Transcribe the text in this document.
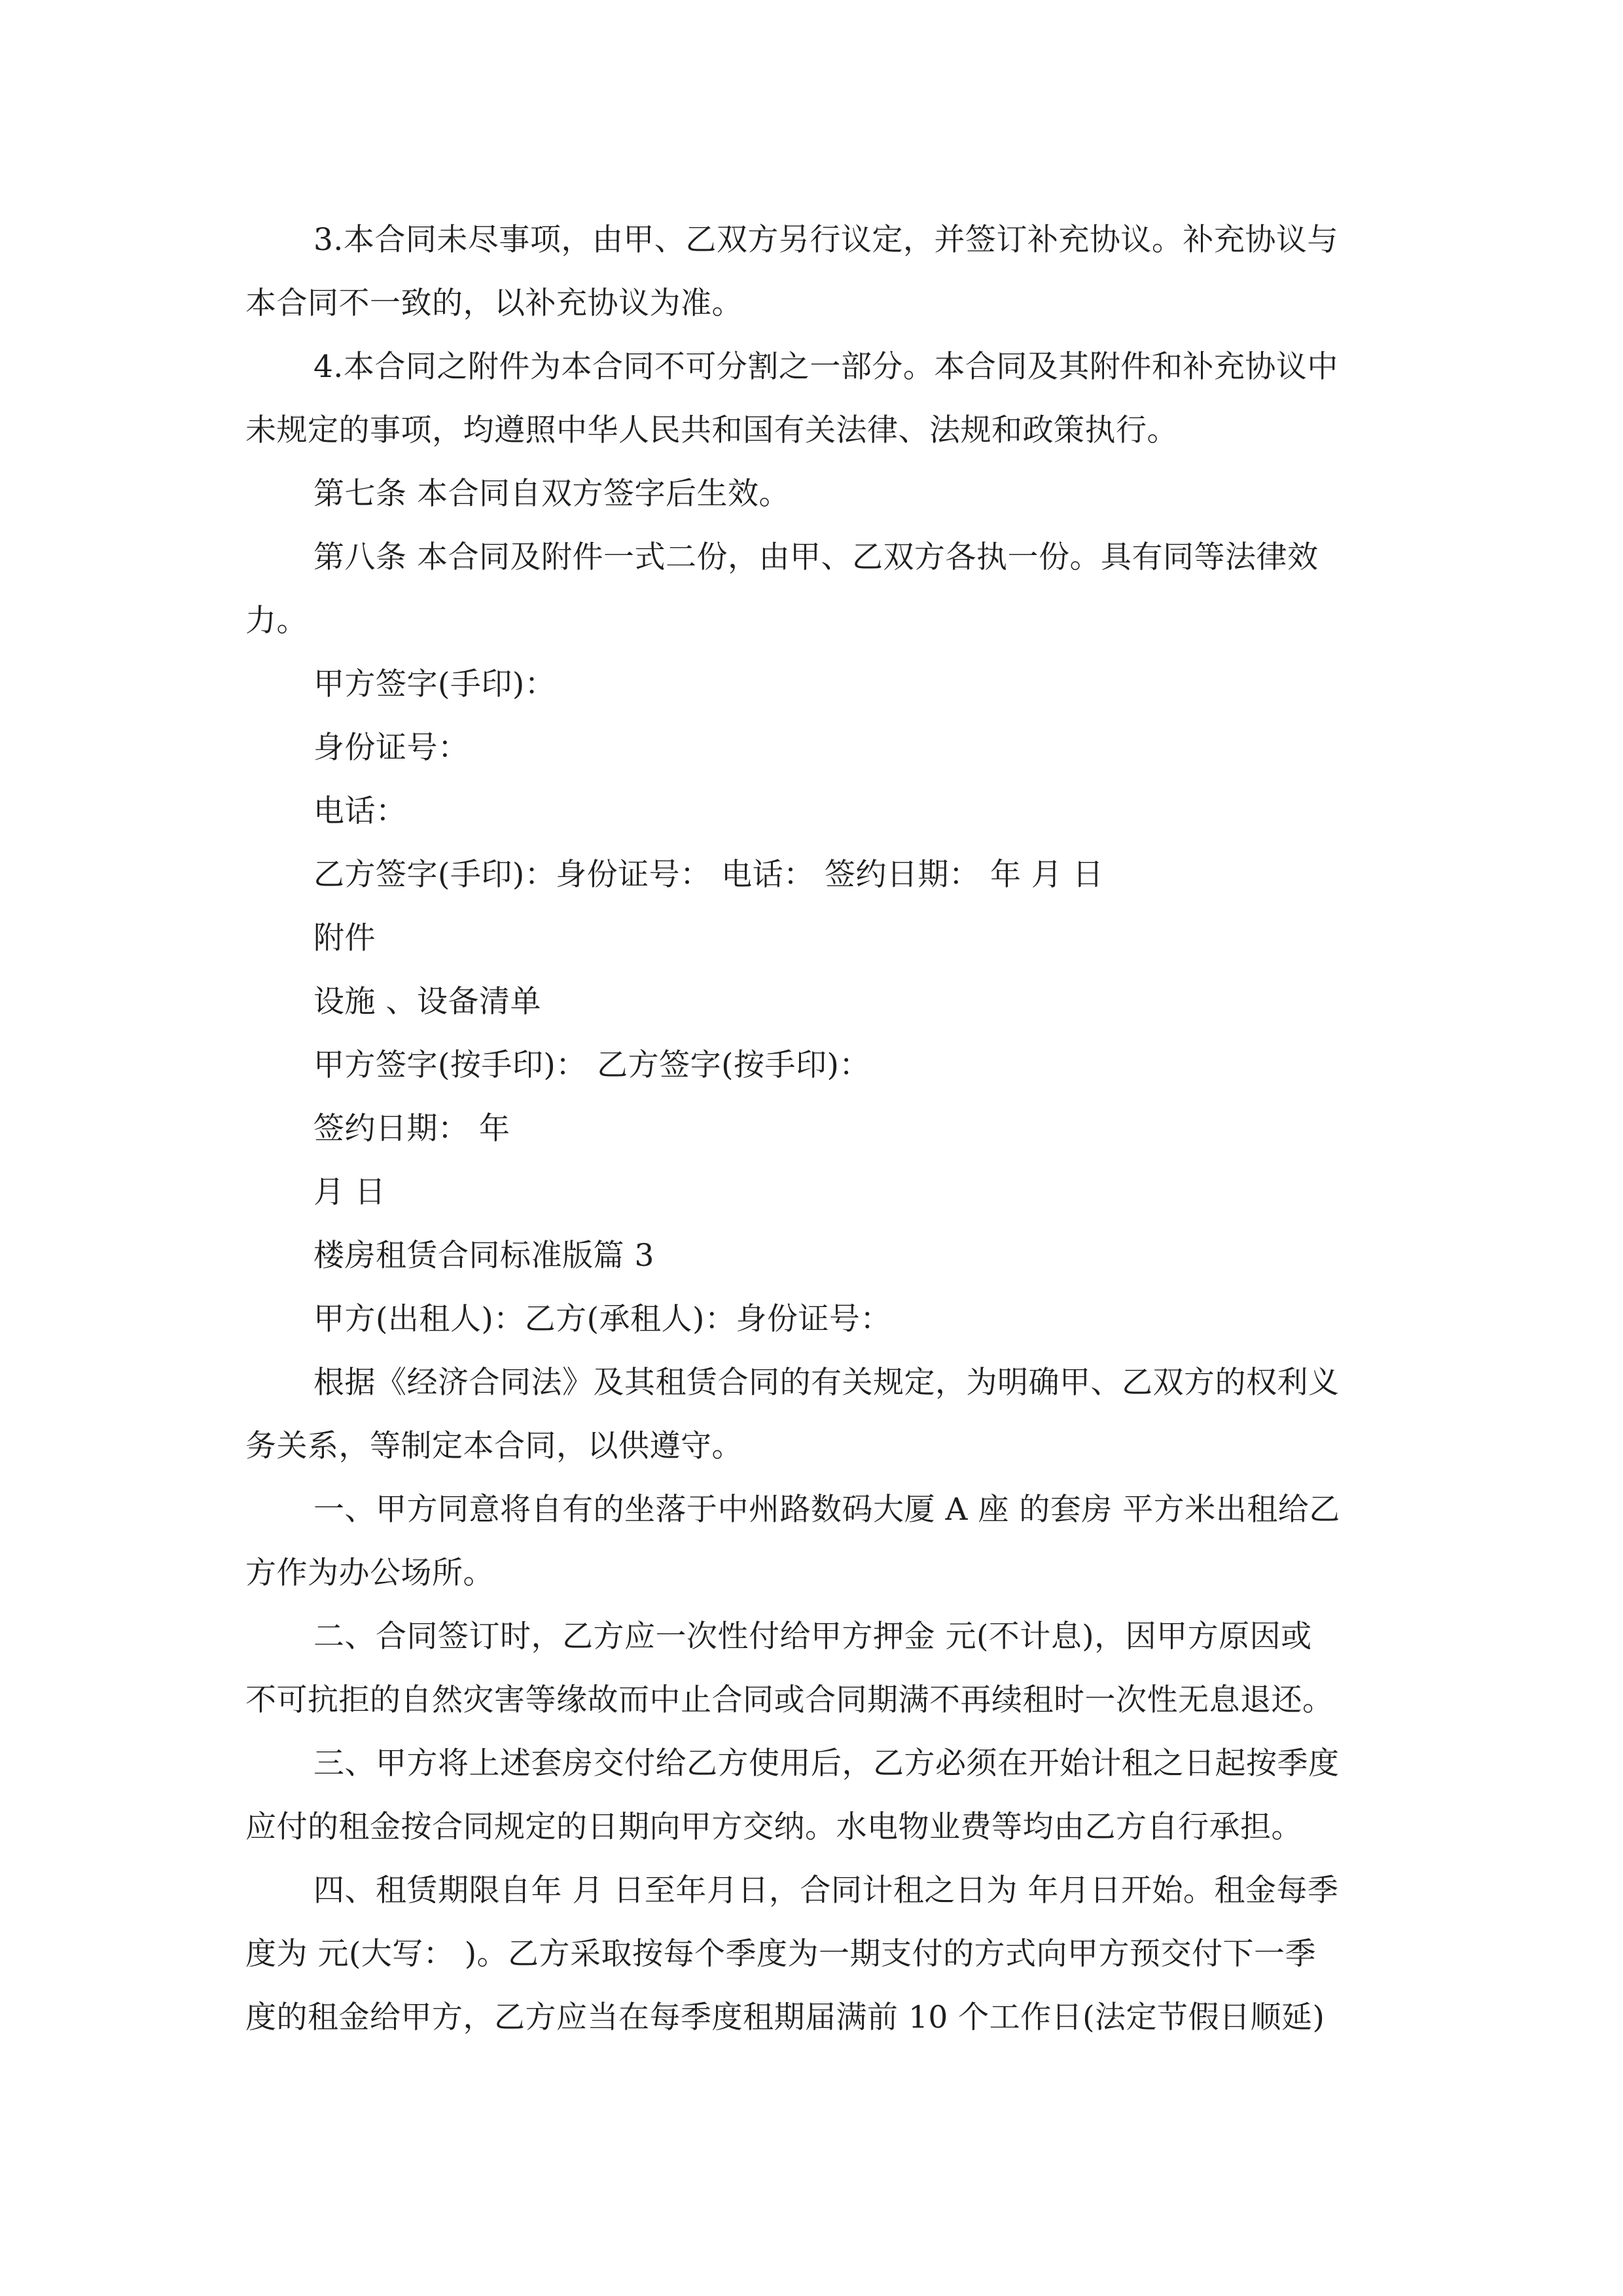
3.本合同未尽事项，由甲、乙双方另行议定，并签订补充协议。补充协议与
本合同不一致的，以补充协议为准。
4.本合同之附件为本合同不可分割之一部分。本合同及其附件和补充协议中
未规定的事项，均遵照中华人民共和国有关法律、法规和政策执行。
第七条 本合同自双方签字后生效。
第八条 本合同及附件一式二份，由甲、乙双方各执一份。具有同等法律效
力。
甲方签字(手印)：
身份证号：
电话：
乙方签字(手印)：身份证号： 电话： 签约日期： 年 月 日
附件
设施 、设备清单
甲方签字(按手印)： 乙方签字(按手印)：
签约日期： 年
月 日
楼房租赁合同标准版篇 3
甲方(出租人)：乙方(承租人)：身份证号：
根据《经济合同法》及其租赁合同的有关规定，为明确甲、乙双方的权利义
务关系，等制定本合同，以供遵守。
一、甲方同意将自有的坐落于中州路数码大厦 A 座 的套房 平方米出租给乙
方作为办公场所。
二、合同签订时，乙方应一次性付给甲方押金 元(不计息)，因甲方原因或
不可抗拒的自然灾害等缘故而中止合同或合同期满不再续租时一次性无息退还。
三、甲方将上述套房交付给乙方使用后，乙方必须在开始计租之日起按季度
应付的租金按合同规定的日期向甲方交纳。水电物业费等均由乙方自行承担。
四、租赁期限自年 月 日至年月日，合同计租之日为 年月日开始。租金每季
度为 元(大写： )。乙方采取按每个季度为一期支付的方式向甲方预交付下一季
度的租金给甲方，乙方应当在每季度租期届满前 10 个工作日(法定节假日顺延)
